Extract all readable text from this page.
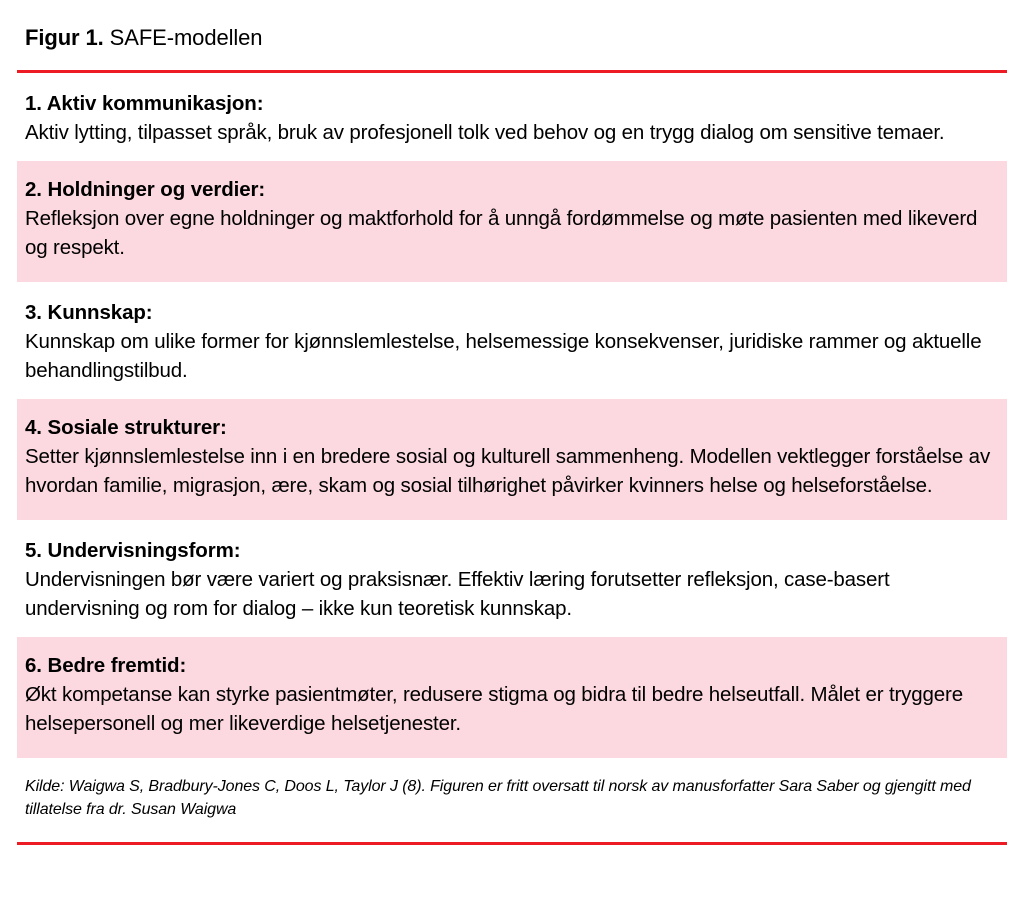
Figur 1. SAFE-modellen
1. Aktiv kommunikasjon:
Aktiv lytting, tilpasset språk, bruk av profesjonell tolk ved behov og en trygg dialog om sensitive temaer.
2. Holdninger og verdier:
Refleksjon over egne holdninger og maktforhold for å unngå fordømmelse og møte pasienten med likeverd og respekt.
3. Kunnskap:
Kunnskap om ulike former for kjønnslemlestelse, helsemessige konsekvenser, juridiske rammer og aktuelle behandlingstilbud.
4. Sosiale strukturer:
Setter kjønnslemlestelse inn i en bredere sosial og kulturell sammenheng. Modellen vektlegger forståelse av hvordan familie, migrasjon, ære, skam og sosial tilhørighet påvirker kvinners helse og helseforståelse.
5. Undervisningsform:
Undervisningen bør være variert og praksisnær. Effektiv læring forutsetter refleksjon, case-basert undervisning og rom for dialog – ikke kun teoretisk kunnskap.
6. Bedre fremtid:
Økt kompetanse kan styrke pasientmøter, redusere stigma og bidra til bedre helseutfall. Målet er tryggere helsepersonell og mer likeverdige helsetjenester.
Kilde: Waigwa S, Bradbury-Jones C, Doos L, Taylor J (8). Figuren er fritt oversatt til norsk av manusforfatter Sara Saber og gjengitt med tillatelse fra dr. Susan Waigwa
